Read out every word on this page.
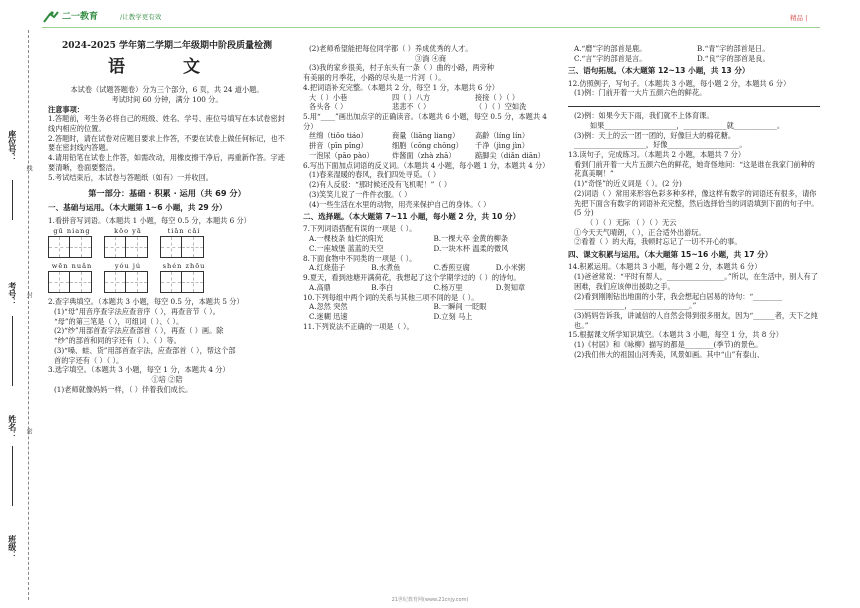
二一教育	/让教学更有效	精品 |
座位号：
线
考号： 封
姓名： 密
班级：
2024-2025 学年第二学期二年级期中阶段质量检测
语 文
本试卷（试题答题卷）分为三个部分，6 页，共 24 道小题。
考试时间 60 分钟，满分 100 分。
注意事项：
1.答题前，考生务必将自己的班级、姓名、学号、座位号填写在本试卷密封线内相应的位置。
2.答题时，请在试卷对应题目要求上作答，不要在试卷上做任何标记，也不要在密封线内答题。
4.请用铅笔在试卷上作答，如需改动，用橡皮擦干净后，再重新作答。字迹要清晰，卷面要整洁。
5.考试结束后，本试卷与答题纸（如有）一并收回。
第一部分：基础 · 积累 · 运用（共 69 分）
一、基础与运用。（本大题第 1~6 小题，共 29 分）
1.看拼音写词语。（本题共 1 小题，每空 0.5 分，本题共 6 分）
gū niang	kōo yā	tiān cǎi
wēn nuǎn	yóu jú	shén zhōu
2.查字典填空。（本题共 3 小题，每空 0.5 分，本题共 5 分）
(1)“母”用音序查字法应查音序（ ），再查音节（ ）。
“母”的第三笔是（ ），可组词（ ）、（ ）。
(2)“纱”用部首查字法应查部首（ ），再查（ ）画。除
“纱”的部首和同的字还有（ ）、（ ）等。
(3)“嗓、蛙、货”用部首查字法，应查部首（ ），帮这个部
首的字还有（ ）（ ）。
3.选字填空。（本题共 3 小题，每空 1 分，本题共 4 分）
①培 ②陪
(1)老师就像妈妈一样，（ ）伴着我们成长。
(2)老师希望能把每位同学都（ ）养成优秀的人才。
③淌 ④商
(3)我的家乡很美，村子东头有一条（ ）曲的小路，两旁种
有美丽的月季花，小路的尽头是一片河（ ）。
4.把词语补充完整。（本题共 2 分，每空 1 分，本题共 6 分）
大（ ）小巷	四（ ）八方	接接（ ）（ ）
各头各（ ）	悲悲不（ ）	（ ）（ ）空如洗
5.用“____”画出加点字的正确读音。（本题共 6 小题，每空 0.5 分，本题共 4 分）
丝绵（tiǒo tiáo）	商量（liāng liang）	高齡（líng lín）
拼音（pīn pǐng）	细胞（cōng chōng）	千净（jìng jìn）
一泡尿（pāo pào）	炸酱面（zhà zhā）	踮脚尖（diǎn diān）
6.写出下面加点词语的反义词。（本题共 4 小题，每小题 1 分，本题共 4 分）
(1)春来湿暖的春风，我们四处寻觅。（ ）
(2)有人反驳：“那时候还没有飞机呢！”（ ）
(3)笑笑儿说了一件件衣服。（ ）
(4)一些生活在水里的动物，用壳来保护自己的身体。（ ）
二、选择题。（本大题第 7~11 小题，每小题 2 分，共 10 分）
7.下列词语搭配有误的一项是（ ）。
A.一棵枝条 灿烂的阳光	B.一棵大卒 金黄的柳条
C.一座城堡 蓝蓝的天空	D.一块木杯 温柔的微风
8.下面食物中不同类的一项是（ ）。
A.红烧茄子	B.水煮鱼	C.香煎豆腐	D.小米粥
9.夏天，看到池塘开满荷花，我想起了这个学期学过的（ ）的诗句。
A.高鼎	B.李白	C.杨万里	D.贺知章
10.下列每组中两个词的关系与其他三项不同的是（ ）。
A.忽然 突然	B.一瞬间 一眨眼
C.迷糊 迅速	D.立刻 马上
11.下列说法不正确的一项是（ ）。
A.“磨”字的部首是鹿。	B.“青”字的部首是日。
C.“言”字的部首是言。	D.“良”字的部首是良。
三、语句拓展。（本大题第 12~13 小题，共 13 分）
12.仿照例子，写句子。（本题共 3 小题，每小题 2 分，本题共 6 分）
(1)例：门前开着一大片五颜六色的鲜花。
(2)例：如果今天下雨，我们就不上体育课。
如果____________________，____________就____________。
(3)例：天上的云一团一团的，好像巨大的棉花糖。
____________________，好像____________________。
13.读句子，完成练习。（本题共 2 小题，本题共 7 分）
看到门前开着一大片五颜六色的鲜花，她奇怪地问：“这是谁在我家门前种的花真美啊！”
(1)“奇怪”的近义词是（ ）。(2 分)
(2)词语（ ）常用来形容色彩多种多样，像这样有数字的词语还有很多，请你先把下面含有数字的词语补充完整，然后选择恰当的词语填到下面的句子中。(5 分)
（ ）（ ）无际 （ ）（ ）无云
①今天天气晴朗，（ ），正合适外出游玩。
②看着（ ）的大海，我顿时忘记了一切不开心的事。
四、课文积累与运用。（本大题第 15~16 小题，共 17 分）
14.积累运用。（本题共 3 小题，每小题 2 分，本题共 6 分）
(1)爸爸常说：“平时有帮人，________________。”所以，在生活中，别人有了困难，我们应该伸出援助之手。
(2)看到刚刚钻出地面的小芽，我会想起白居易的诗句：“________ ______________，________________。”
(3)妈妈告诉我，讲诚信的人自然会得到很多朋友，因为“______者，天下之纯也。”
15.根据课文所学知识填空。（本题共 3 小题，每空 1 分，共 8 分）
(1)《村居》和《咏柳》描写的都是________(季节)的景色。
(2)我们伟大的祖国山河秀美，风景如画。其中“山”有泰山、
21世纪教育网(www.21cnjy.com)
